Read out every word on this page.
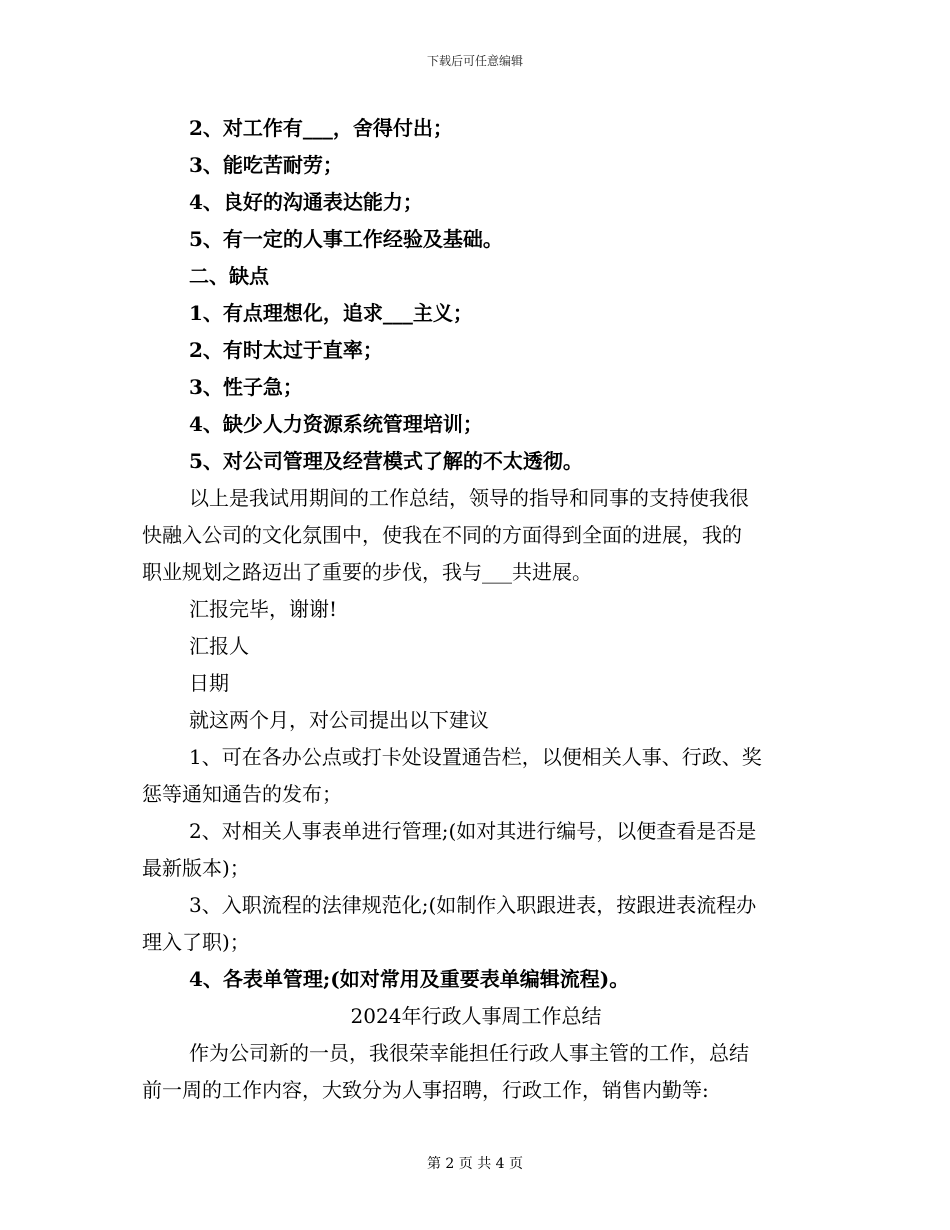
下载后可任意编辑
2、对工作有___，舍得付出；
3、能吃苦耐劳；
4、良好的沟通表达能力；
5、有一定的人事工作经验及基础。
二、缺点
1、有点理想化，追求___主义；
2、有时太过于直率；
3、性子急；
4、缺少人力资源系统管理培训；
5、对公司管理及经营模式了解的不太透彻。
以上是我试用期间的工作总结，领导的指导和同事的支持使我很
快融入公司的文化氛围中，使我在不同的方面得到全面的进展，我的
职业规划之路迈出了重要的步伐，我与___共进展。
汇报完毕，谢谢!
汇报人
日期
就这两个月，对公司提出以下建议
1、可在各办公点或打卡处设置通告栏，以便相关人事、行政、奖
惩等通知通告的发布；
2、对相关人事表单进行管理;(如对其进行编号，以便查看是否是
最新版本)；
3、入职流程的法律规范化;(如制作入职跟进表，按跟进表流程办
理入了职)；
4、各表单管理;(如对常用及重要表单编辑流程)。
2024年行政人事周工作总结
作为公司新的一员，我很荣幸能担任行政人事主管的工作，总结
前一周的工作内容，大致分为人事招聘，行政工作，销售内勤等:
第 2 页 共 4 页
